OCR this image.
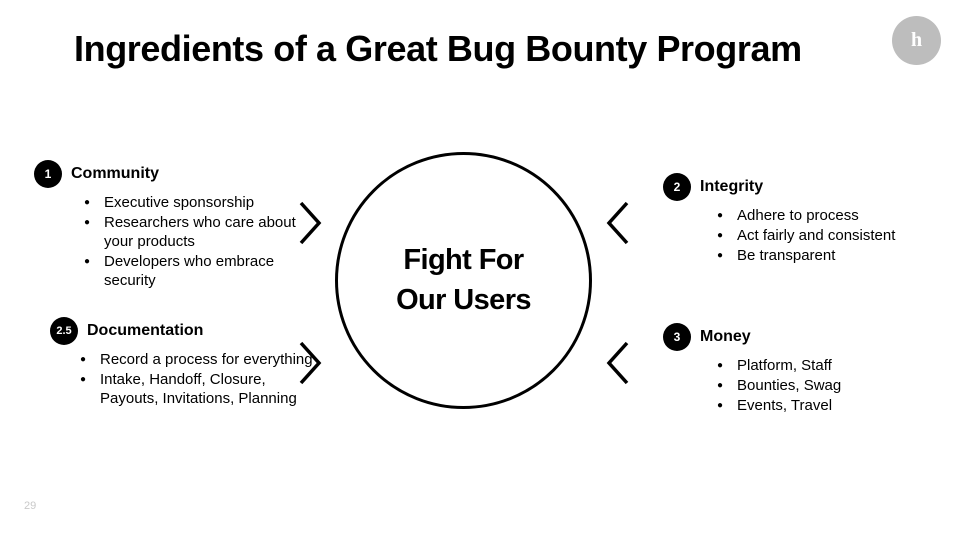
Ingredients of a Great Bug Bounty Program	h
Fight For
Our Users
1	Community
● Executive sponsorship
● Researchers who care about your products
● Developers who embrace security
2.5 Documentation
● Record a process for everything
● Intake, Handoff, Closure, Payouts, Invitations, Planning
2	Integrity
● Adhere to process
● Act fairly and consistent
● Be transparent
3	Money
● Platform, Staff
● Bounties, Swag
● Events, Travel
29
